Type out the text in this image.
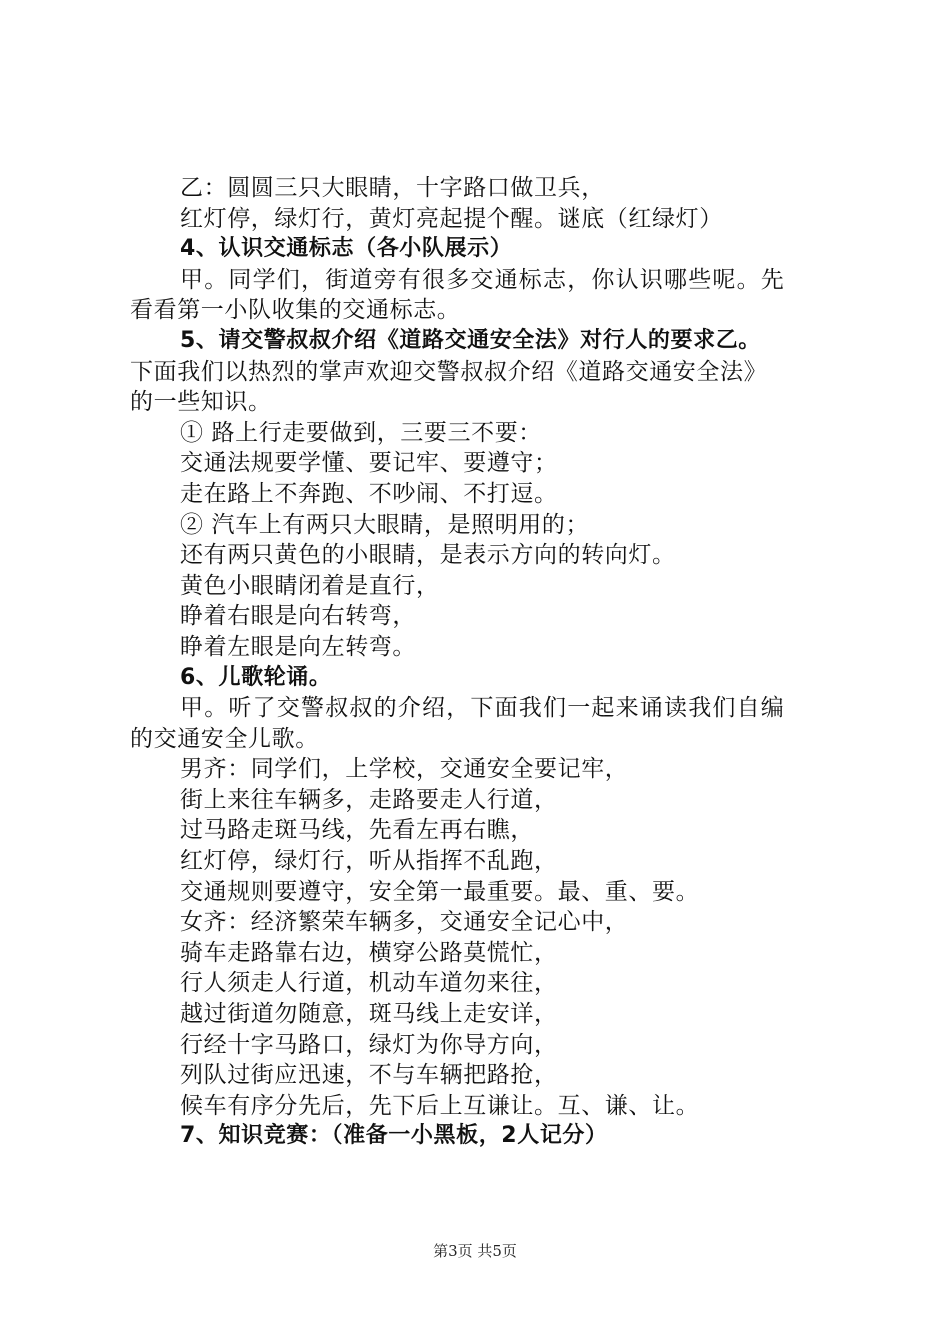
乙：圆圆三只大眼睛，十字路口做卫兵，
红灯停，绿灯行，黄灯亮起提个醒。谜底（红绿灯）
4、认识交通标志（各小队展示）
甲。同学们，街道旁有很多交通标志，你认识哪些呢。先
看看第一小队收集的交通标志。
5、请交警叔叔介绍《道路交通安全法》对行人的要求乙。
下面我们以热烈的掌声欢迎交警叔叔介绍《道路交通安全法》
的一些知识。
① 路上行走要做到，三要三不要：
交通法规要学懂、要记牢、要遵守；
走在路上不奔跑、不吵闹、不打逗。
② 汽车上有两只大眼睛，是照明用的；
还有两只黄色的小眼睛，是表示方向的转向灯。
黄色小眼睛闭着是直行，
睁着右眼是向右转弯，
睁着左眼是向左转弯。
6、儿歌轮诵。
甲。听了交警叔叔的介绍，下面我们一起来诵读我们自编
的交通安全儿歌。
男齐：同学们，上学校，交通安全要记牢，
街上来往车辆多，走路要走人行道，
过马路走斑马线，先看左再右瞧，
红灯停，绿灯行，听从指挥不乱跑，
交通规则要遵守，安全第一最重要。最、重、要。
女齐：经济繁荣车辆多，交通安全记心中，
骑车走路靠右边，横穿公路莫慌忙，
行人须走人行道，机动车道勿来往，
越过街道勿随意，斑马线上走安详，
行经十字马路口，绿灯为你导方向，
列队过街应迅速，不与车辆把路抢，
候车有序分先后，先下后上互谦让。互、谦、让。
7、知识竞赛：（准备一小黑板，2人记分）
第3页 共5页
